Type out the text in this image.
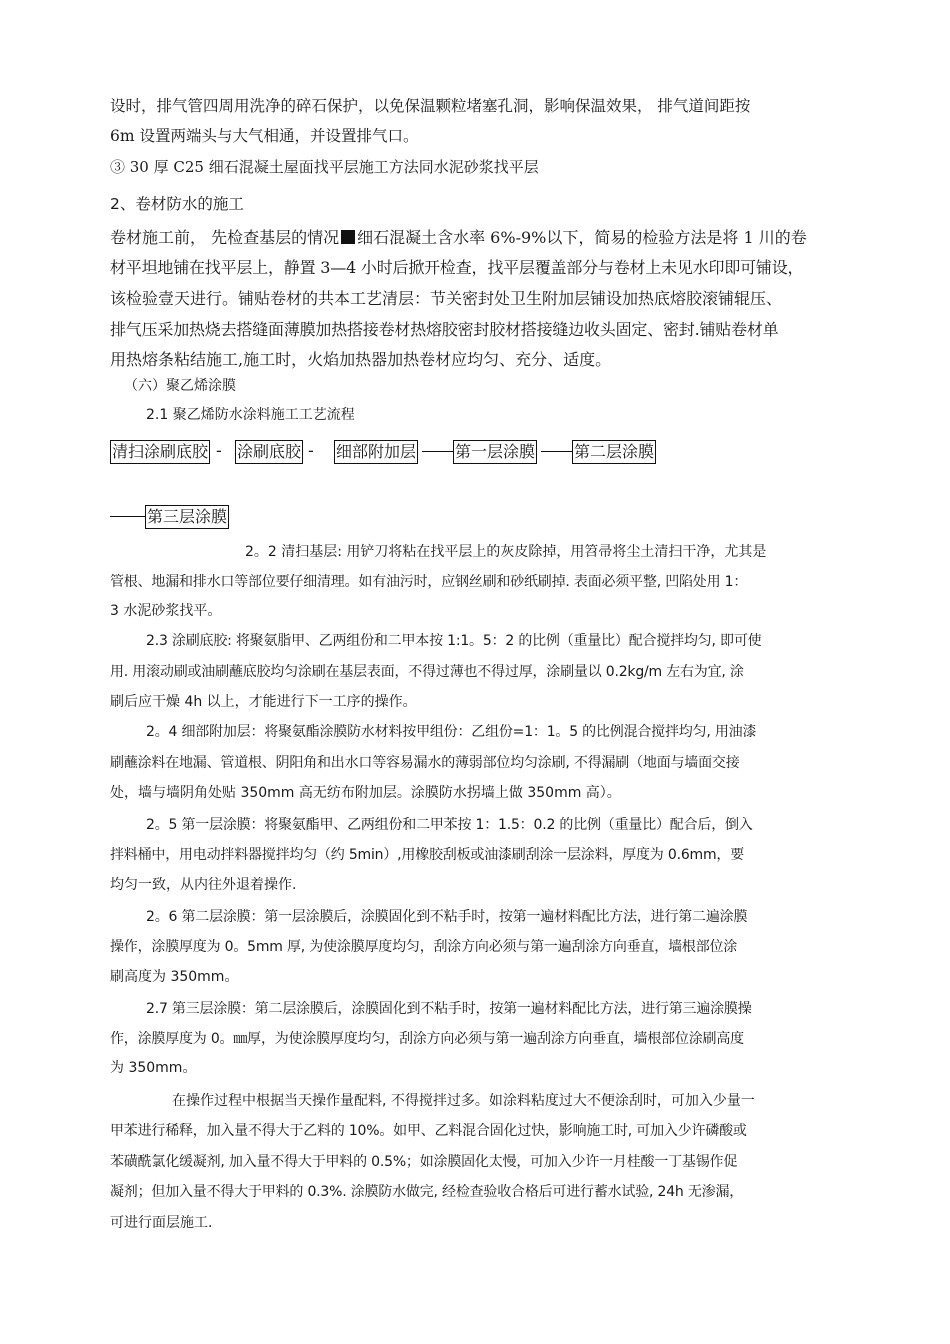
设时，排气管四周用洗净的碎石保护，以免保温颗粒堵塞孔洞，影响保温效果， 排气道间距按
6m 设置两端头与大气相通，并设置排气口。
③ 30 厚 C25 细石混凝土屋面找平层施工方法同水泥砂浆找平层
2、卷材防水的施工
卷材施工前， 先检查基层的情况 细石混凝土含水率 6%-9%以下，简易的检验方法是将 1 川的卷
材平坦地铺在找平层上，静置 3—4 小时后掀开检查，找平层覆盖部分与卷材上未见水印即可铺设，
该检验壹天进行。铺贴卷材的共本工艺清层：节关密封处卫生附加层铺设加热底熔胶滚铺辊压、
排气压采加热烧去搭缝面薄膜加热搭接卷材热熔胶密封胶材搭接缝边收头固定、密封.铺贴卷材单
用热熔条粘结施工,施工时，火焰加热器加热卷材应均匀、充分、适度。
（六）聚乙烯涂膜
2.1 聚乙烯防水涂料施工工艺流程
清扫涂刷底胶 - 涂刷底胶 - 细部附加层 第一层涂膜 第二层涂膜
第三层涂膜
2。2 清扫基层: 用铲刀将粘在找平层上的灰皮除掉，用笤帚将尘土清扫干净，尤其是
管根、地漏和排水口等部位要仔细清理。如有油污时，应钢丝刷和砂纸刷掉. 表面必须平整, 凹陷处用 1：
3 水泥砂浆找平。
2.3 涂刷底胶: 将聚氨脂甲、乙两组份和二甲本按 1:1。5：2 的比例（重量比）配合搅拌均匀, 即可使
用. 用滚动刷或油刷蘸底胶均匀涂刷在基层表面，不得过薄也不得过厚，涂刷量以 0.2kg/m 左右为宜, 涂
刷后应干燥 4h 以上，才能进行下一工序的操作。
2。4 细部附加层：将聚氨酯涂膜防水材料按甲组份：乙组份=1：1。5 的比例混合搅拌均匀, 用油漆
刷蘸涂料在地漏、管道根、阴阳角和出水口等容易漏水的薄弱部位均匀涂刷, 不得漏刷（地面与墙面交接
处，墙与墙阴角处贴 350mm 高无纺布附加层。涂膜防水拐墙上做 350mm 高）。
2。5 第一层涂膜：将聚氨酯甲、乙两组份和二甲苯按 1：1.5：0.2 的比例（重量比）配合后，倒入
拌料桶中，用电动拌料器搅拌均匀（约 5min）,用橡胶刮板或油漆刷刮涂一层涂料，厚度为 0.6mm，要
均匀一致，从内往外退着操作.
2。6 第二层涂膜：第一层涂膜后，涂膜固化到不粘手时，按第一遍材料配比方法，进行第二遍涂膜
操作，涂膜厚度为 0。5mm 厚, 为使涂膜厚度均匀，刮涂方向必须与第一遍刮涂方向垂直，墙根部位涂
刷高度为 350mm。
2.7 第三层涂膜：第二层涂膜后，涂膜固化到不粘手时，按第一遍材料配比方法，进行第三遍涂膜操
作，涂膜厚度为 0。㎜厚，为使涂膜厚度均匀，刮涂方向必须与第一遍刮涂方向垂直，墙根部位涂刷高度
为 350mm。
在操作过程中根据当天操作量配料, 不得搅拌过多。如涂料粘度过大不便涂刮时，可加入少量一
甲苯进行稀释，加入量不得大于乙料的 10%。如甲、乙料混合固化过快，影响施工时, 可加入少许磷酸或
苯磺酰氯化缓凝剂, 加入量不得大于甲料的 0.5%；如涂膜固化太慢，可加入少许一月桂酸一丁基锡作促
凝剂；但加入量不得大于甲料的 0.3%. 涂膜防水做完, 经检查验收合格后可进行蓄水试验, 24h 无渗漏，
可进行面层施工.
